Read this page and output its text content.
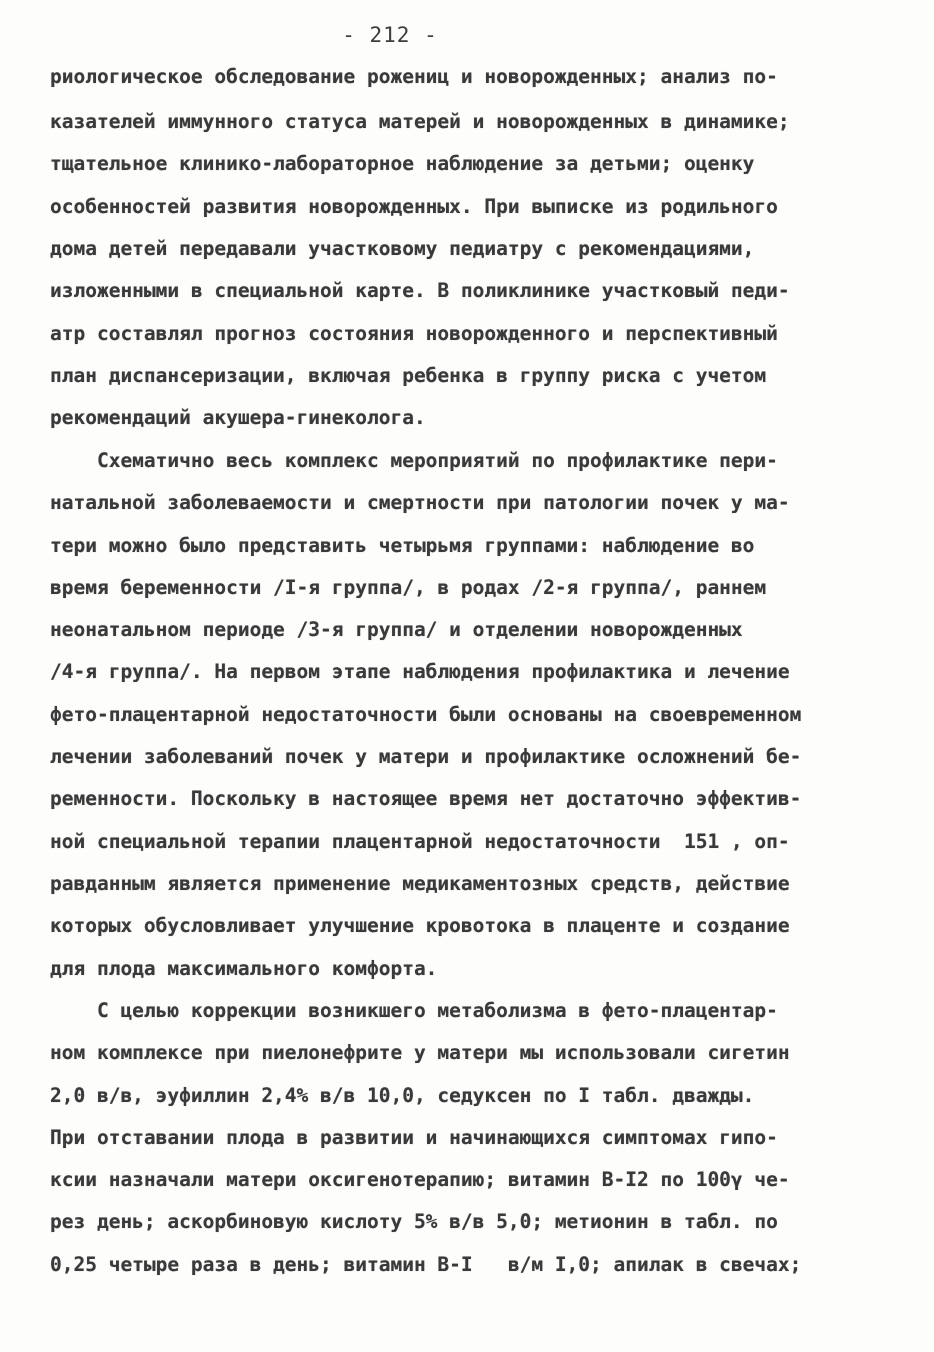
- 212 -
риологическое обследование рожениц и новорожденных; анализ по-
казателей иммунного статуса матерей и новорожденных в динамике;
тщательное клинико-лабораторное наблюдение за детьми; оценку
особенностей развития новорожденных. При выписке из родильного
дома детей передавали участковому педиатру с рекомендациями,
изложенными в специальной карте. В поликлинике участковый педи-
атр составлял прогноз состояния новорожденного и перспективный
план диспансеризации, включая ребенка в группу риска с учетом
рекомендаций акушера-гинеколога.
Схематично весь комплекс мероприятий по профилактике пери-
натальной заболеваемости и смертности при патологии почек у ма-
тери можно было представить четырьмя группами: наблюдение во
время беременности /I-я группа/, в родах /2-я группа/, раннем
неонатальном периоде /3-я группа/ и отделении новорожденных
/4-я группа/. На первом этапе наблюдения профилактика и лечение
фето-плацентарной недостаточности были основаны на своевременном
лечении заболеваний почек у матери и профилактике осложнений бе-
ременности. Поскольку в настоящее время нет достаточно эффектив-
ной специальной терапии плацентарной недостаточности  151 , оп-
равданным является применение медикаментозных средств, действие
которых обусловливает улучшение кровотока в плаценте и создание
для плода максимального комфорта.
С целью коррекции возникшего метаболизма в фето-плацентар-
ном комплексе при пиелонефрите у матери мы использовали сигетин
2,0 в/в, эуфиллин 2,4% в/в 10,0, седуксен по I табл. дважды.
При отставании плода в развитии и начинающихся симптомах гипо-
ксии назначали матери оксигенотерапию; витамин В-I2 по 100γ че-
рез день; аскорбиновую кислоту 5% в/в 5,0; метионин в табл. по
0,25 четыре раза в день; витамин В-I   в/м I,0; апилак в свечах;
